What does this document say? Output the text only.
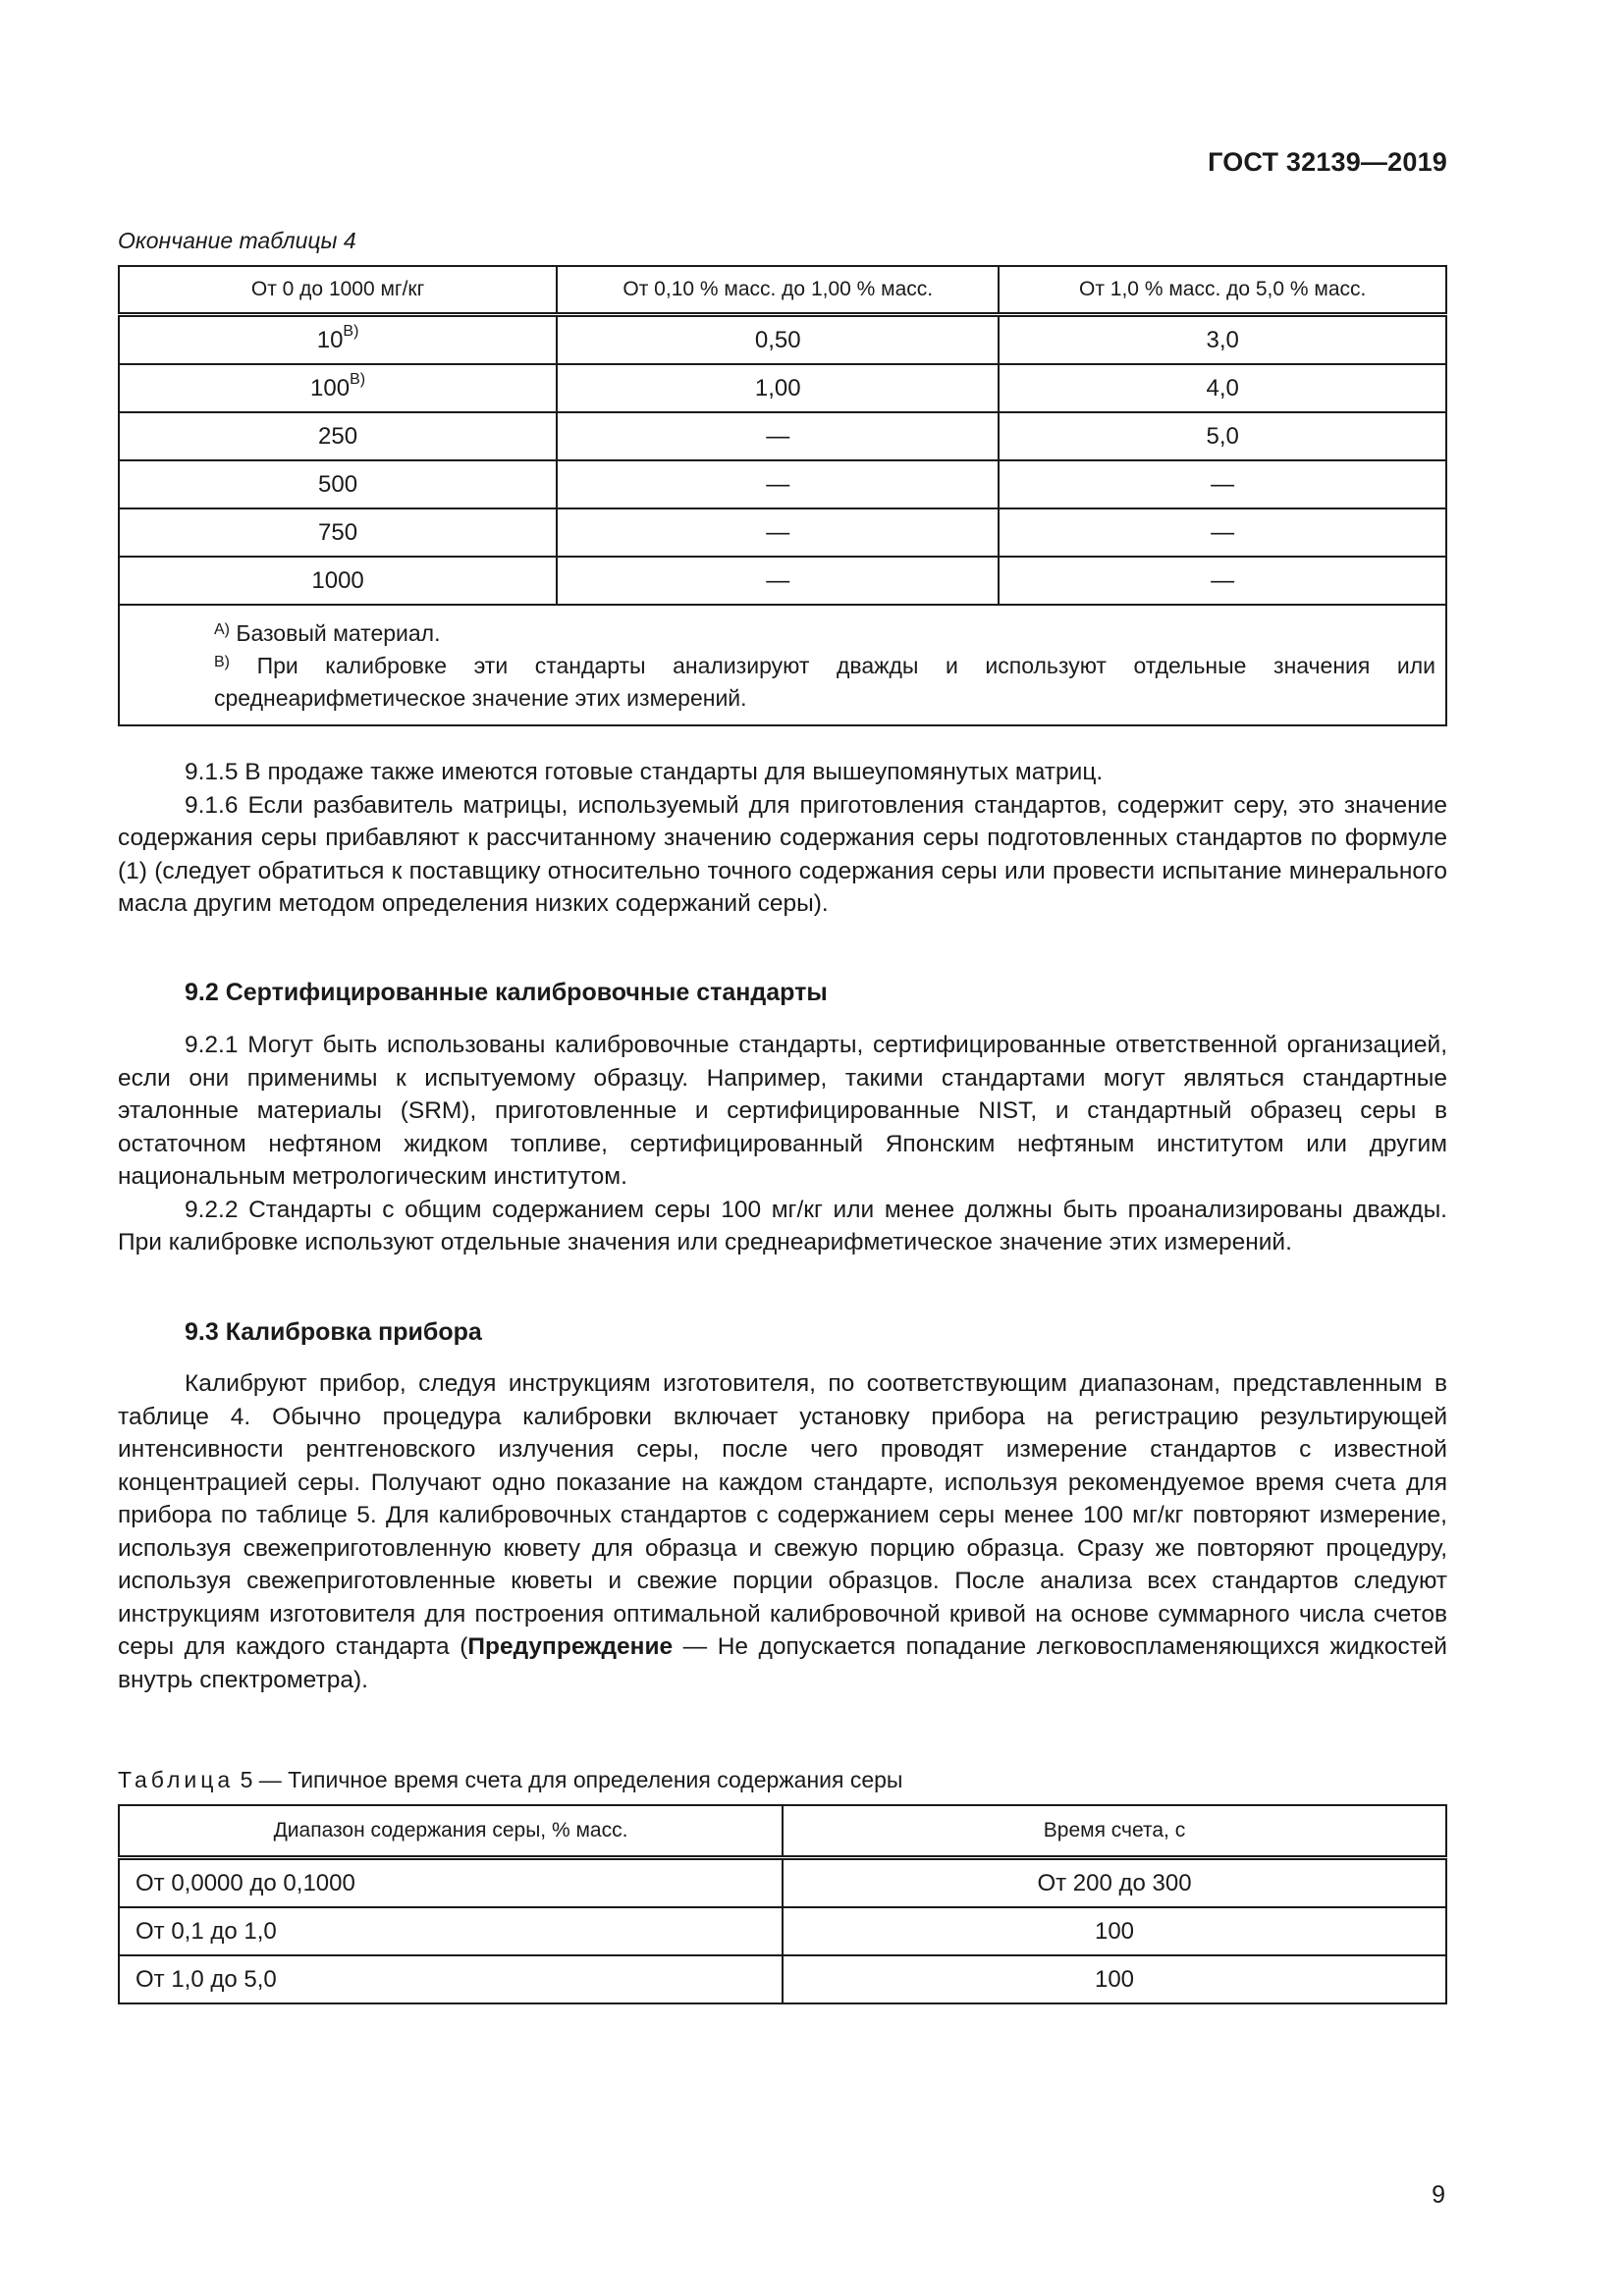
ГОСТ 32139—2019
Окончание таблицы 4
От 0 до 1000 мг/кг	От 0,10 % масс. до 1,00 % масс.	От 1,0 % масс. до 5,0 % масс.
10$^{B)}$	0,50	3,0
100$^{B)}$	1,00	4,0
250	—	5,0
500	—	—
750	—	—
1000	—	—

$^{A)}$ Базовый материал.
$^{B)}$ При калибровке эти стандарты анализируют дважды и используют отдельные значения или среднеарифметическое значение этих измерений.		

9.1.5 В продаже также имеются готовые стандарты для вышеупомянутых матриц.

9.1.6 Если разбавитель матрицы, используемый для приготовления стандартов, содержит серу, это значение содержания серы прибавляют к рассчитанному значению содержания серы подготовленных стандартов по формуле (1) (следует обратиться к поставщику относительно точного содержания серы или провести испытание минерального масла другим методом определения низких содержаний серы).

9.2 Сертифицированные калибровочные стандарты

9.2.1 Могут быть использованы калибровочные стандарты, сертифицированные ответственной организацией, если они применимы к испытуемому образцу. Например, такими стандартами могут являться стандартные эталонные материалы (SRM), приготовленные и сертифицированные NIST, и стандартный образец серы в остаточном нефтяном жидком топливе, сертифицированный Японским нефтяным институтом или другим национальным метрологическим институтом.

9.2.2 Стандарты с общим содержанием серы 100 мг/кг или менее должны быть проанализированы дважды. При калибровке используют отдельные значения или среднеарифметическое значение этих измерений.

9.3 Калибровка прибора

Калибруют прибор, следуя инструкциям изготовителя, по соответствующим диапазонам, представленным в таблице 4. Обычно процедура калибровки включает установку прибора на регистрацию результирующей интенсивности рентгеновского излучения серы, после чего проводят измерение стандартов с известной концентрацией серы. Получают одно показание на каждом стандарте, используя рекомендуемое время счета для прибора по таблице 5. Для калибровочных стандартов с содержанием серы менее 100 мг/кг повторяют измерение, используя свежеприготовленную кювету для образца и свежую порцию образца. Сразу же повторяют процедуру, используя свежеприготовленные кюветы и свежие порции образцов. После анализа всех стандартов следуют инструкциям изготовителя для построения оптимальной калибровочной кривой на основе суммарного числа счетов серы для каждого стандарта (Предупреждение — Не допускается попадание легковоспламеняющихся жидкостей внутрь спектрометра).

Таблица 5 — Типичное время счета для определения содержания серы
Диапазон содержания серы, % масс.	Время счета, с
От 0,0000 до 0,1000	От 200 до 300
От 0,1 до 1,0	100
От 1,0 до 5,0	100
9
